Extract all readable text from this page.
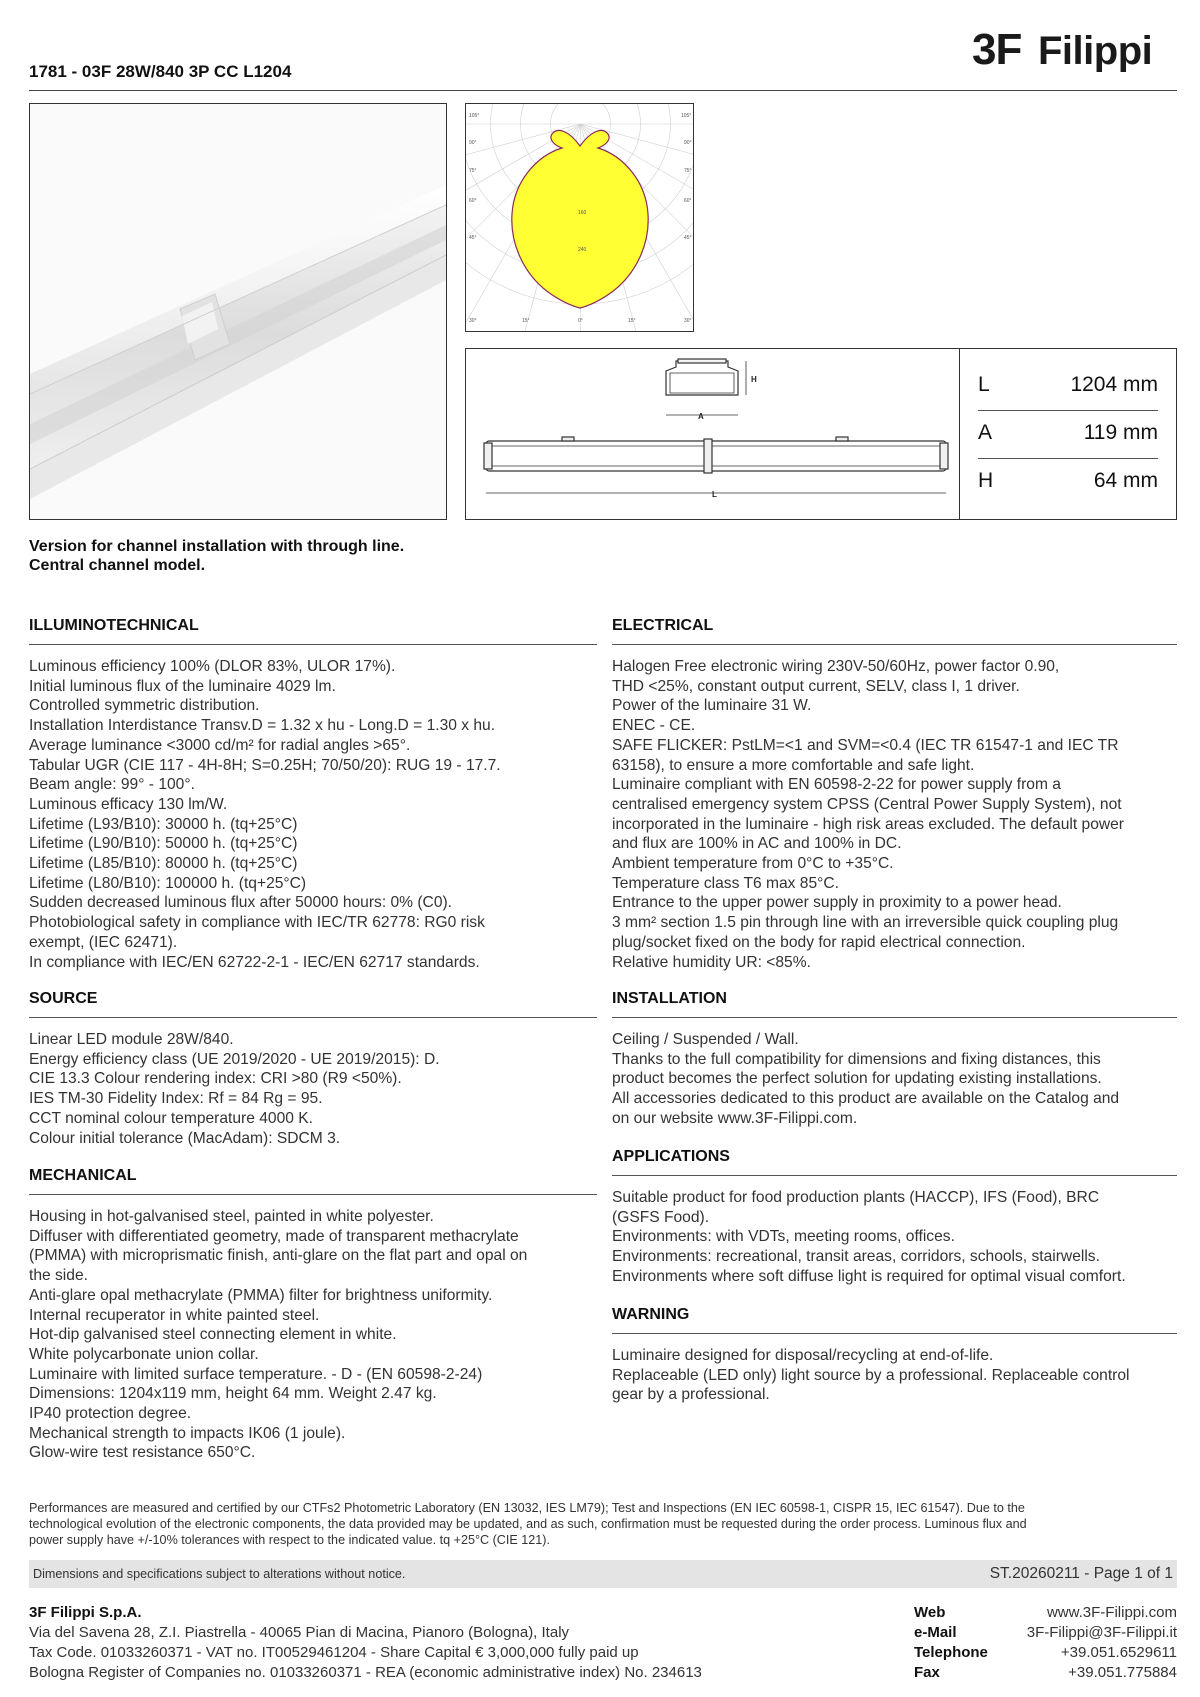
1781 - 03F 28W/840 3P CC L1204	3F Filippi
160
240
105°
90°
75°
60°
45°
105°
90°
75°
60°
45°
30°	15°	0°	15°	30°
H
A
L
L	1204 mm
A	119 mm
H	64 mm
Version for channel installation with through line.
Central channel model.
ILLUMINOTECHNICAL
Luminous efficiency 100% (DLOR 83%, ULOR 17%).
Initial luminous flux of the luminaire 4029 lm.
Controlled symmetric distribution.
Installation Interdistance Transv.D = 1.32 x hu - Long.D = 1.30 x hu.
Average luminance <3000 cd/m² for radial angles >65°.
Tabular UGR (CIE 117 - 4H-8H; S=0.25H; 70/50/20): RUG 19 - 17.7.
Beam angle: 99° - 100°.
Luminous efficacy 130 lm/W.
Lifetime (L93/B10): 30000 h. (tq+25°C)
Lifetime (L90/B10): 50000 h. (tq+25°C)
Lifetime (L85/B10): 80000 h. (tq+25°C)
Lifetime (L80/B10): 100000 h. (tq+25°C)
Sudden decreased luminous flux after 50000 hours: 0% (C0).
Photobiological safety in compliance with IEC/TR 62778: RG0 risk
exempt, (IEC 62471).
In compliance with IEC/EN 62722-2-1 - IEC/EN 62717 standards.
SOURCE
Linear LED module 28W/840.
Energy efficiency class (UE 2019/2020 - UE 2019/2015): D.
CIE 13.3 Colour rendering index: CRI >80 (R9 <50%).
IES TM-30 Fidelity Index: Rf = 84 Rg = 95.
CCT nominal colour temperature 4000 K.
Colour initial tolerance (MacAdam): SDCM 3.
MECHANICAL
Housing in hot-galvanised steel, painted in white polyester.
Diffuser with differentiated geometry, made of transparent methacrylate
(PMMA) with microprismatic finish, anti-glare on the flat part and opal on
the side.
Anti-glare opal methacrylate (PMMA) filter for brightness uniformity.
Internal recuperator in white painted steel.
Hot-dip galvanised steel connecting element in white.
White polycarbonate union collar.
Luminaire with limited surface temperature. - D - (EN 60598-2-24)
Dimensions: 1204x119 mm, height 64 mm. Weight 2.47 kg.
IP40 protection degree.
Mechanical strength to impacts IK06 (1 joule).
Glow-wire test resistance 650°C.
ELECTRICAL
Halogen Free electronic wiring 230V-50/60Hz, power factor 0.90,
THD <25%, constant output current, SELV, class I, 1 driver.
Power of the luminaire 31 W.
ENEC - CE.
SAFE FLICKER: PstLM=<1 and SVM=<0.4 (IEC TR 61547-1 and IEC TR
63158), to ensure a more comfortable and safe light.
Luminaire compliant with EN 60598-2-22 for power supply from a
centralised emergency system CPSS (Central Power Supply System), not
incorporated in the luminaire - high risk areas excluded. The default power
and flux are 100% in AC and 100% in DC.
Ambient temperature from 0°C to +35°C.
Temperature class T6 max 85°C.
Entrance to the upper power supply in proximity to a power head.
3 mm² section 1.5 pin through line with an irreversible quick coupling plug
plug/socket fixed on the body for rapid electrical connection.
Relative humidity UR: <85%.
INSTALLATION
Ceiling / Suspended / Wall.
Thanks to the full compatibility for dimensions and fixing distances, this
product becomes the perfect solution for updating existing installations.
All accessories dedicated to this product are available on the Catalog and
on our website www.3F-Filippi.com.
APPLICATIONS
Suitable product for food production plants (HACCP), IFS (Food), BRC
(GSFS Food).
Environments: with VDTs, meeting rooms, offices.
Environments: recreational, transit areas, corridors, schools, stairwells.
Environments where soft diffuse light is required for optimal visual comfort.
WARNING
Luminaire designed for disposal/recycling at end-of-life.
Replaceable (LED only) light source by a professional. Replaceable control
gear by a professional.
Performances are measured and certified by our CTFs2 Photometric Laboratory (EN 13032, IES LM79); Test and Inspections (EN IEC 60598-1, CISPR 15, IEC 61547). Due to the
technological evolution of the electronic components, the data provided may be updated, and as such, confirmation must be requested during the order process. Luminous flux and
power supply have +/-10% tolerances with respect to the indicated value. tq +25°C (CIE 121).
Dimensions and specifications subject to alterations without notice.	ST.20260211 - Page 1 of 1
3F Filippi S.p.A.
Via del Savena 28, Z.I. Piastrella - 40065 Pian di Macina, Pianoro (Bologna), Italy
Tax Code. 01033260371 - VAT no. IT00529461204 - Share Capital € 3,000,000 fully paid up
Bologna Register of Companies no. 01033260371 - REA (economic administrative index) No. 234613
Web	www.3F-Filippi.com
e-Mail	3F-Filippi@3F-Filippi.it
Telephone	+39.051.6529611
Fax	+39.051.775884
